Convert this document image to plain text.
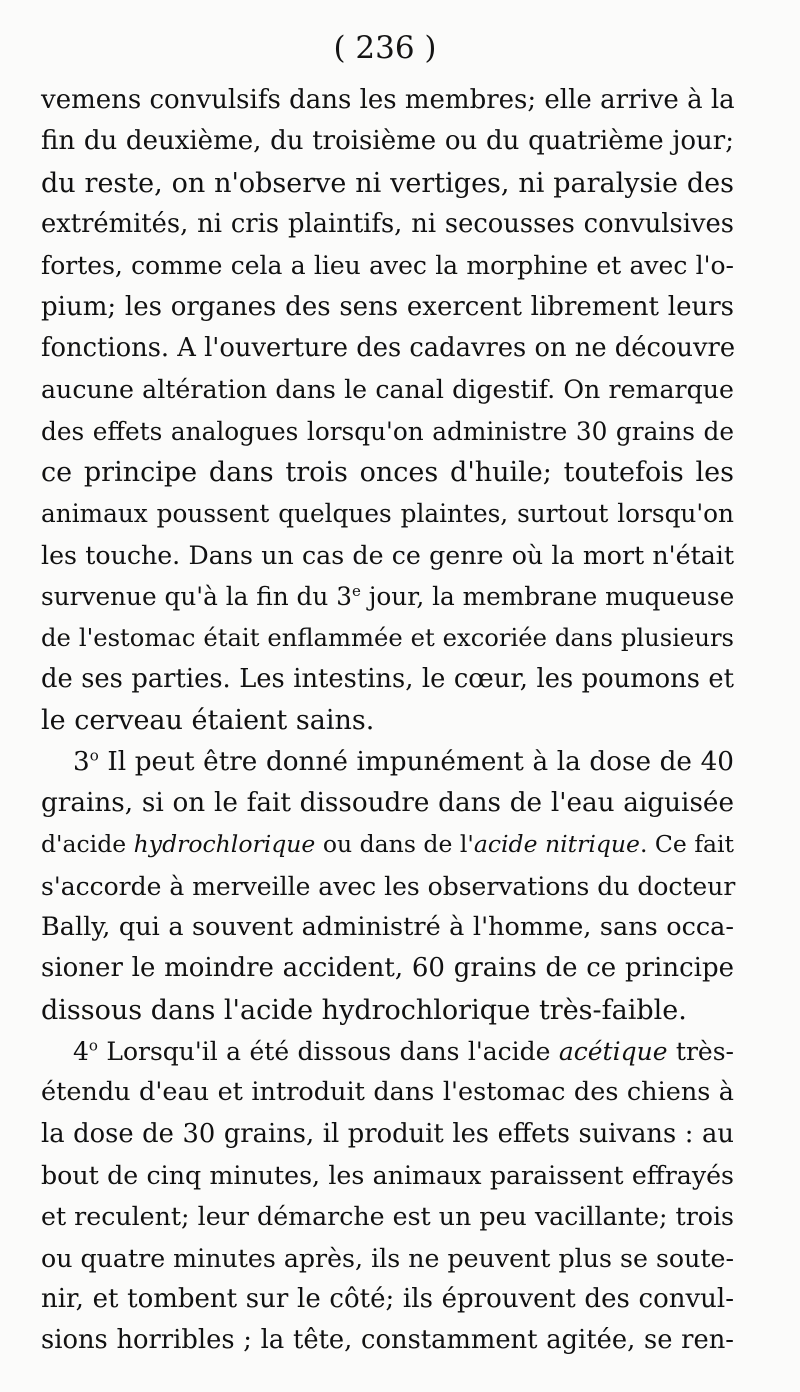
( 236 )
vemens convulsifs dans les membres; elle arrive à la
fin du deuxième, du troisième ou du quatrième jour;
du reste, on n'observe ni vertiges, ni paralysie des
extrémités, ni cris plaintifs, ni secousses convulsives
fortes, comme cela a lieu avec la morphine et avec l'o-
pium; les organes des sens exercent librement leurs
fonctions. A l'ouverture des cadavres on ne découvre
aucune altération dans le canal digestif. On remarque
des effets analogues lorsqu'on administre 30 grains de
ce principe dans trois onces d'huile; toutefois les
animaux poussent quelques plaintes, surtout lorsqu'on
les touche. Dans un cas de ce genre où la mort n'était
survenue qu'à la fin du 3e jour, la membrane muqueuse
de l'estomac était enflammée et excoriée dans plusieurs
de ses parties. Les intestins, le cœur, les poumons et
le cerveau étaient sains.
3$^o$ Il peut être donné impunément à la dose de 40
grains, si on le fait dissoudre dans de l'eau aiguisée
d'acide hydrochlorique ou dans de l'acide nitrique. Ce fait
s'accorde à merveille avec les observations du docteur
Bally, qui a souvent administré à l'homme, sans occa-
sioner le moindre accident, 60 grains de ce principe
dissous dans l'acide hydrochlorique très-faible.
4$^o$ Lorsqu'il a été dissous dans l'acide acétique très-
étendu d'eau et introduit dans l'estomac des chiens à
la dose de 30 grains, il produit les effets suivans : au
bout de cinq minutes, les animaux paraissent effrayés
et reculent; leur démarche est un peu vacillante; trois
ou quatre minutes après, ils ne peuvent plus se soute-
nir, et tombent sur le côté; ils éprouvent des convul-
sions horribles ; la tête, constamment agitée, se ren-
